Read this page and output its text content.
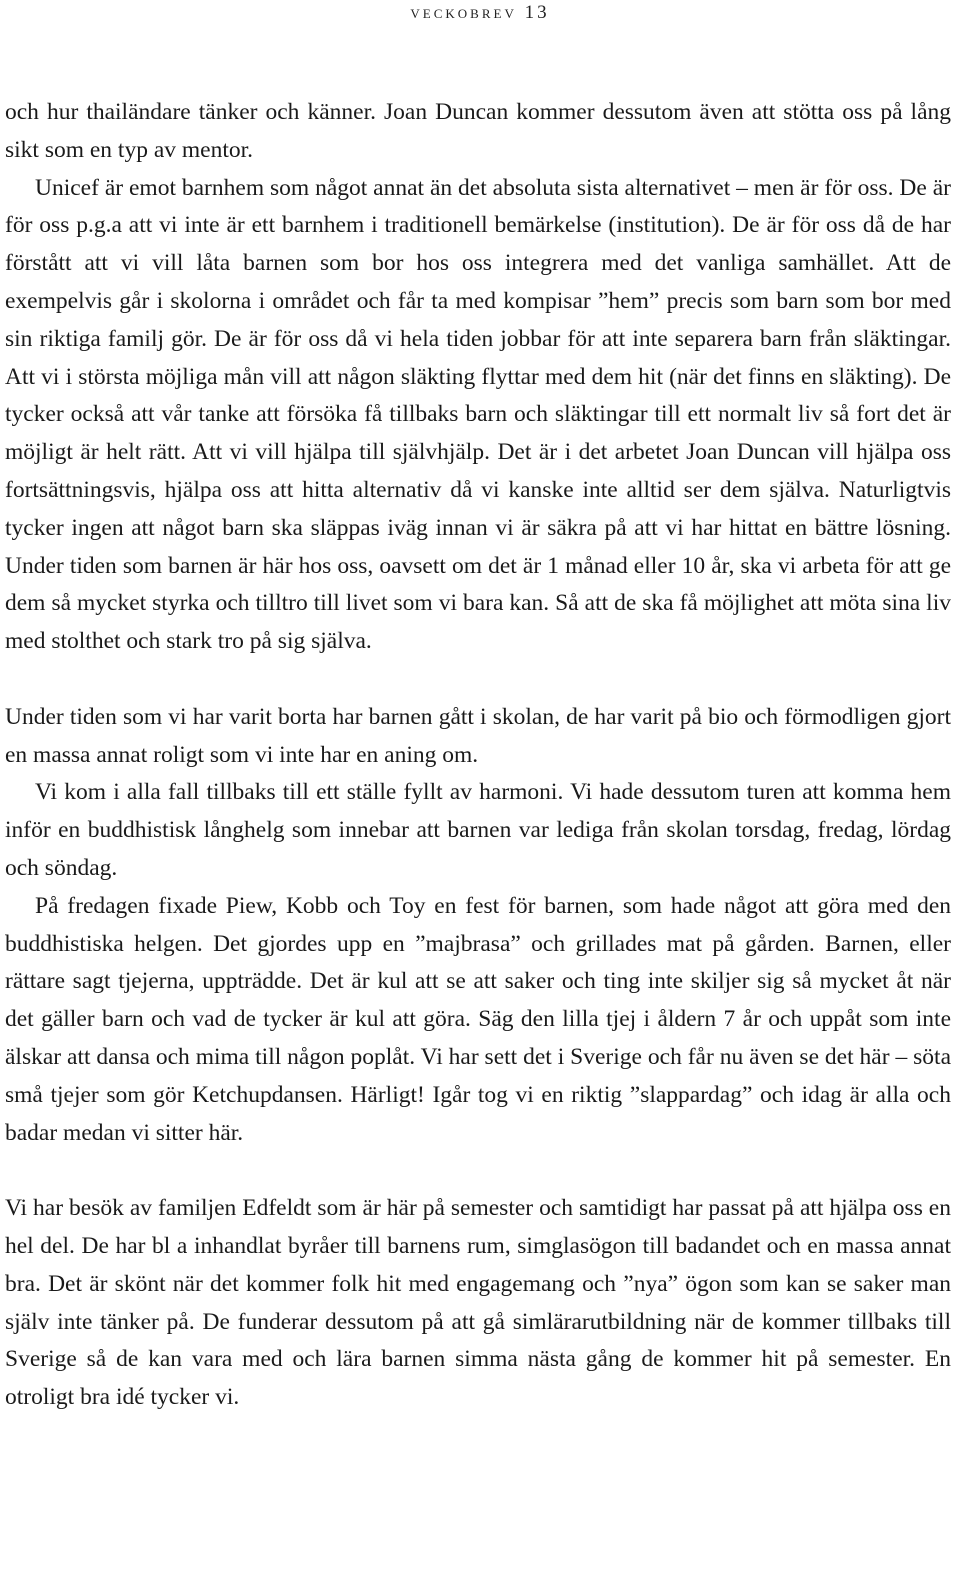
veckobrev 13

och hur thailändare tänker och känner. Joan Duncan kommer dessutom även att stötta oss på lång sikt som en typ av mentor.

Unicef är emot barnhem som något annat än det absoluta sista alternativet – men är för oss. De är för oss p.g.a att vi inte är ett barnhem i traditionell bemärkelse (institution). De är för oss då de har förstått att vi vill låta barnen som bor hos oss integrera med det vanliga samhället. Att de exempelvis går i skolorna i området och får ta med kompisar ”hem” precis som barn som bor med sin riktiga familj gör. De är för oss då vi hela tiden jobbar för att inte separera barn från släktingar. Att vi i största möjliga mån vill att någon släkting flyttar med dem hit (när det finns en släkting). De tycker också att vår tanke att försöka få tillbaks barn och släktingar till ett normalt liv så fort det är möjligt är helt rätt. Att vi vill hjälpa till självhjälp. Det är i det arbetet Joan Duncan vill hjälpa oss fortsättningsvis, hjälpa oss att hitta alternativ då vi kanske inte alltid ser dem själva. Naturligtvis tycker ingen att något barn ska släppas iväg innan vi är säkra på att vi har hittat en bättre lösning. Under tiden som barnen är här hos oss, oavsett om det är 1 månad eller 10 år, ska vi arbeta för att ge dem så mycket styrka och tilltro till livet som vi bara kan. Så att de ska få möjlighet att möta sina liv med stolthet och stark tro på sig själva.

Under tiden som vi har varit borta har barnen gått i skolan, de har varit på bio och förmodligen gjort en massa annat roligt som vi inte har en aning om.

Vi kom i alla fall tillbaks till ett ställe fyllt av harmoni. Vi hade dessutom turen att komma hem inför en buddhistisk långhelg som innebar att barnen var lediga från skolan torsdag, fredag, lördag och söndag.

På fredagen fixade Piew, Kobb och Toy en fest för barnen, som hade något att göra med den buddhistiska helgen. Det gjordes upp en ”majbrasa” och grillades mat på gården. Barnen, eller rättare sagt tjejerna, uppträdde. Det är kul att se att saker och ting inte skiljer sig så mycket åt när det gäller barn och vad de tycker är kul att göra. Säg den lilla tjej i åldern 7 år och uppåt som inte älskar att dansa och mima till någon poplåt. Vi har sett det i Sverige och får nu även se det här – söta små tjejer som gör Ketchupdansen. Härligt! Igår tog vi en riktig ”slappardag” och idag är alla och badar medan vi sitter här.

Vi har besök av familjen Edfeldt som är här på semester och samtidigt har passat på att hjälpa oss en hel del. De har bl a inhandlat byråer till barnens rum, simglasögon till badandet och en massa annat bra. Det är skönt när det kommer folk hit med engagemang och ”nya” ögon som kan se saker man själv inte tänker på. De funderar dessutom på att gå simlärarutbildning när de kommer tillbaks till Sverige så de kan vara med och lära barnen simma nästa gång de kommer hit på semester. En otroligt bra idé tycker vi.
